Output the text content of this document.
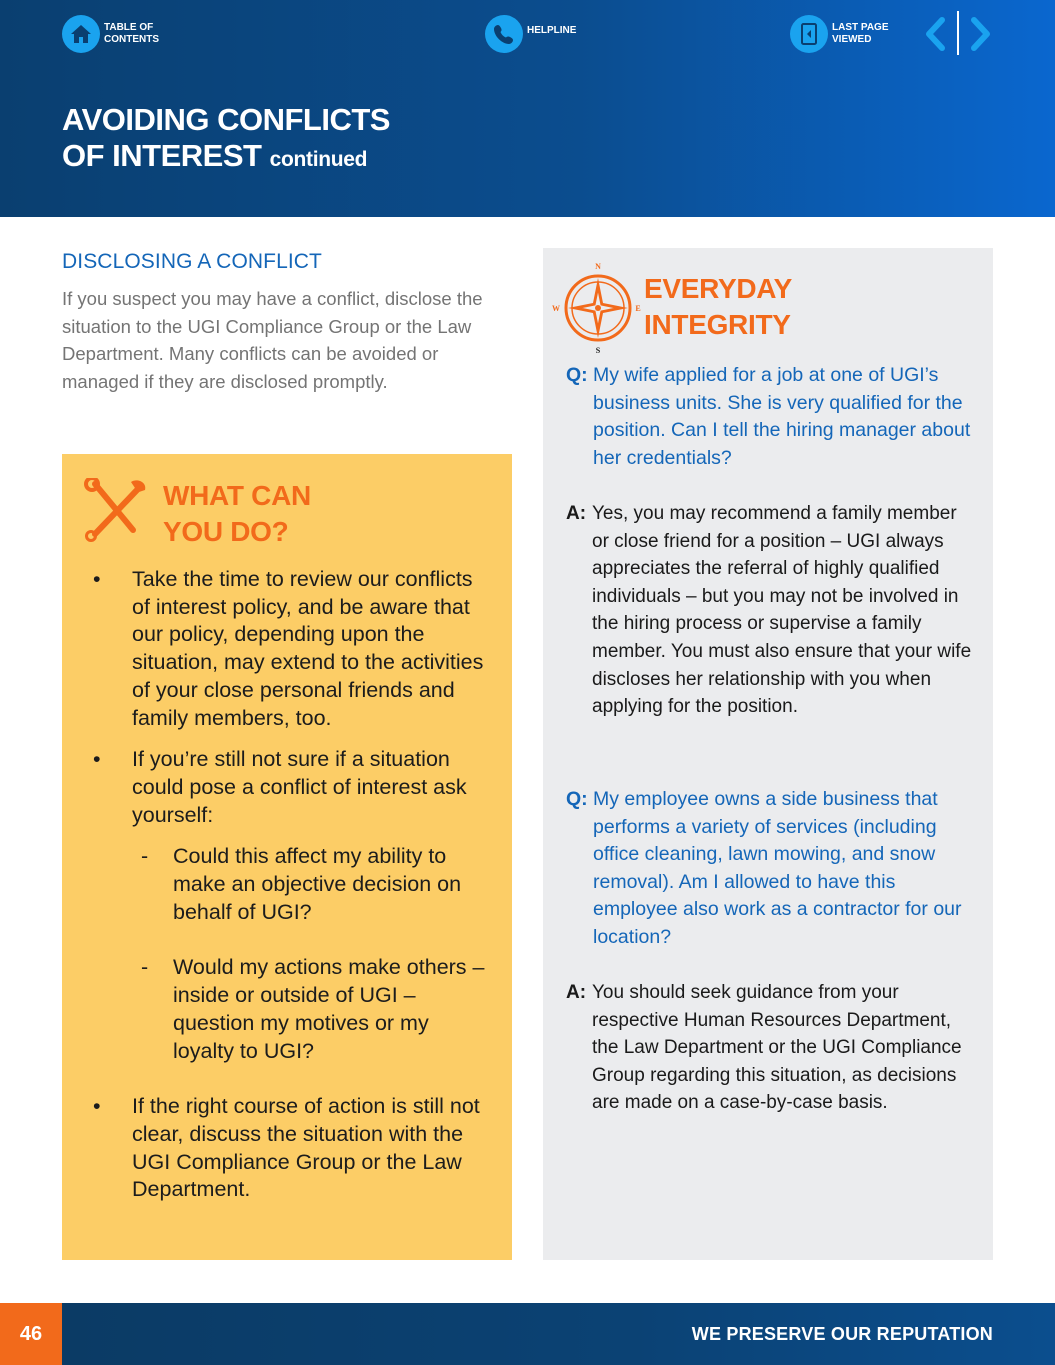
TABLE OF CONTENTS
HELPLINE	LAST PAGE VIEWED
AVOIDING CONFLICTS
OF INTEREST continued
DISCLOSING A CONFLICT

If you suspect you may have a conflict, disclose the situation to the UGI Compliance Group or the Law Department. Many conflicts can be avoided or managed if they are disclosed promptly.

WHAT CAN
YOU DO?
• Take the time to review our conflicts of interest policy, and be aware that our policy, depending upon the situation, may extend to the activities of your close personal friends and family members, too.
• If you’re still not sure if a situation could pose a conflict of interest ask yourself:
- Could this affect my ability to make an objective decision on behalf of UGI?
- Would my actions make others – inside or outside of UGI – question my motives or my loyalty to UGI?
• If the right course of action is still not clear, discuss the situation with the UGI Compliance Group or the Law Department.
N
S
E
W
EVERYDAY
INTEGRITY
Q: My wife applied for a job at one of UGI’s business units. She is very qualified for the position. Can I tell the hiring manager about her credentials?
A: Yes, you may recommend a family member or close friend for a position – UGI always appreciates the referral of highly qualified individuals – but you may not be involved in the hiring process or supervise a family member. You must also ensure that your wife discloses her relationship with you when applying for the position.
Q: My employee owns a side business that performs a variety of services (including office cleaning, lawn mowing, and snow removal). Am I allowed to have this employee also work as a contractor for our location?
A: You should seek guidance from your respective Human Resources Department, the Law Department or the UGI Compliance Group regarding this situation, as decisions are made on a case-by-case basis.
46	WE PRESERVE OUR REPUTATION
